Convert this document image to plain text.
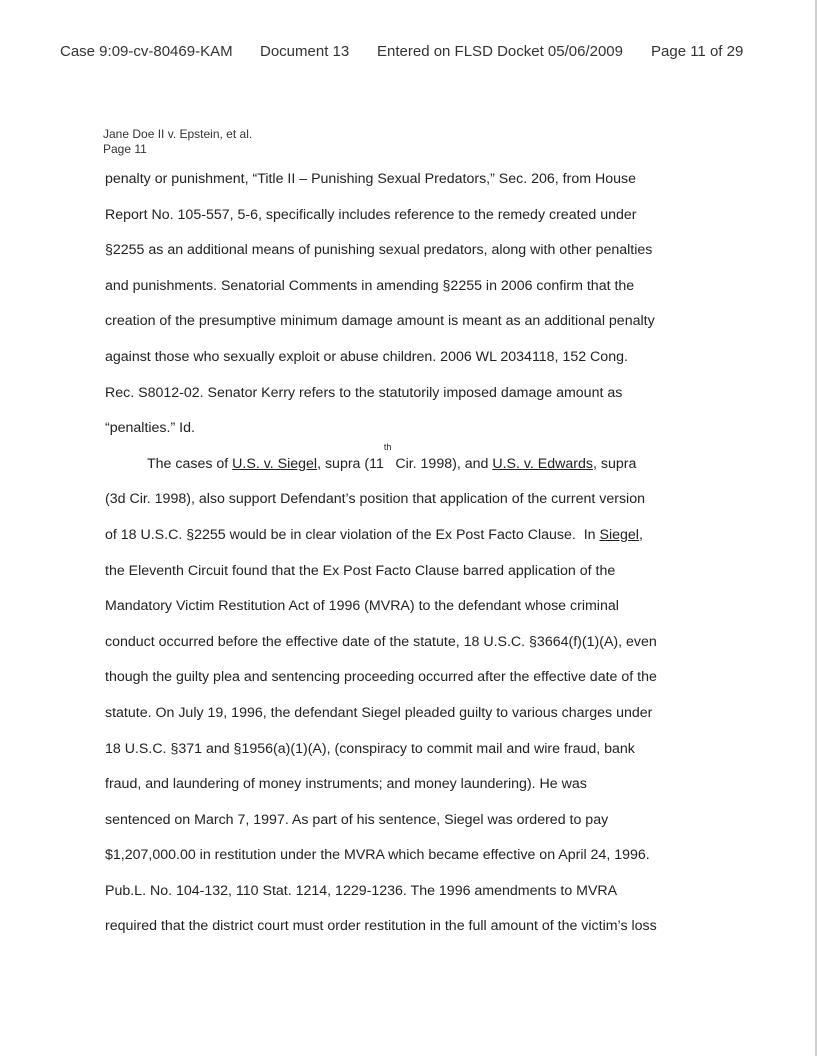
Case 9:09-cv-80469-KAM Document 13 Entered on FLSD Docket 05/06/2009 Page 11 of 29
Jane Doe II v. Epstein, et al.
Page 11
penalty or punishment, “Title II – Punishing Sexual Predators,” Sec. 206, from House
Report No. 105-557, 5-6, specifically includes reference to the remedy created under
§2255 as an additional means of punishing sexual predators, along with other penalties
and punishments. Senatorial Comments in amending §2255 in 2006 confirm that the
creation of the presumptive minimum damage amount is meant as an additional penalty
against those who sexually exploit or abuse children. 2006 WL 2034118, 152 Cong.
Rec. S8012-02. Senator Kerry refers to the statutorily imposed damage amount as
“penalties.” Id.
The cases of U.S. v. Siegel , supra (11
th
Cir. 1998), and U.S. v. Edwards , supra
(3d Cir. 1998), also support Defendant’s position that application of the current version
of 18 U.S.C. §2255 would be in clear violation of the Ex Post Facto Clause.  In Siegel ,
the Eleventh Circuit found that the Ex Post Facto Clause barred application of the
Mandatory Victim Restitution Act of 1996 (MVRA) to the defendant whose criminal
conduct occurred before the effective date of the statute, 18 U.S.C. §3664(f)(1)(A), even
though the guilty plea and sentencing proceeding occurred after the effective date of the
statute. On July 19, 1996, the defendant Siegel pleaded guilty to various charges under
18 U.S.C. §371 and §1956(a)(1)(A), (conspiracy to commit mail and wire fraud, bank
fraud, and laundering of money instruments; and money laundering). He was
sentenced on March 7, 1997. As part of his sentence, Siegel was ordered to pay
$1,207,000.00 in restitution under the MVRA which became effective on April 24, 1996.
Pub.L. No. 104-132, 110 Stat. 1214, 1229-1236. The 1996 amendments to MVRA
required that the district court must order restitution in the full amount of the victim’s loss
